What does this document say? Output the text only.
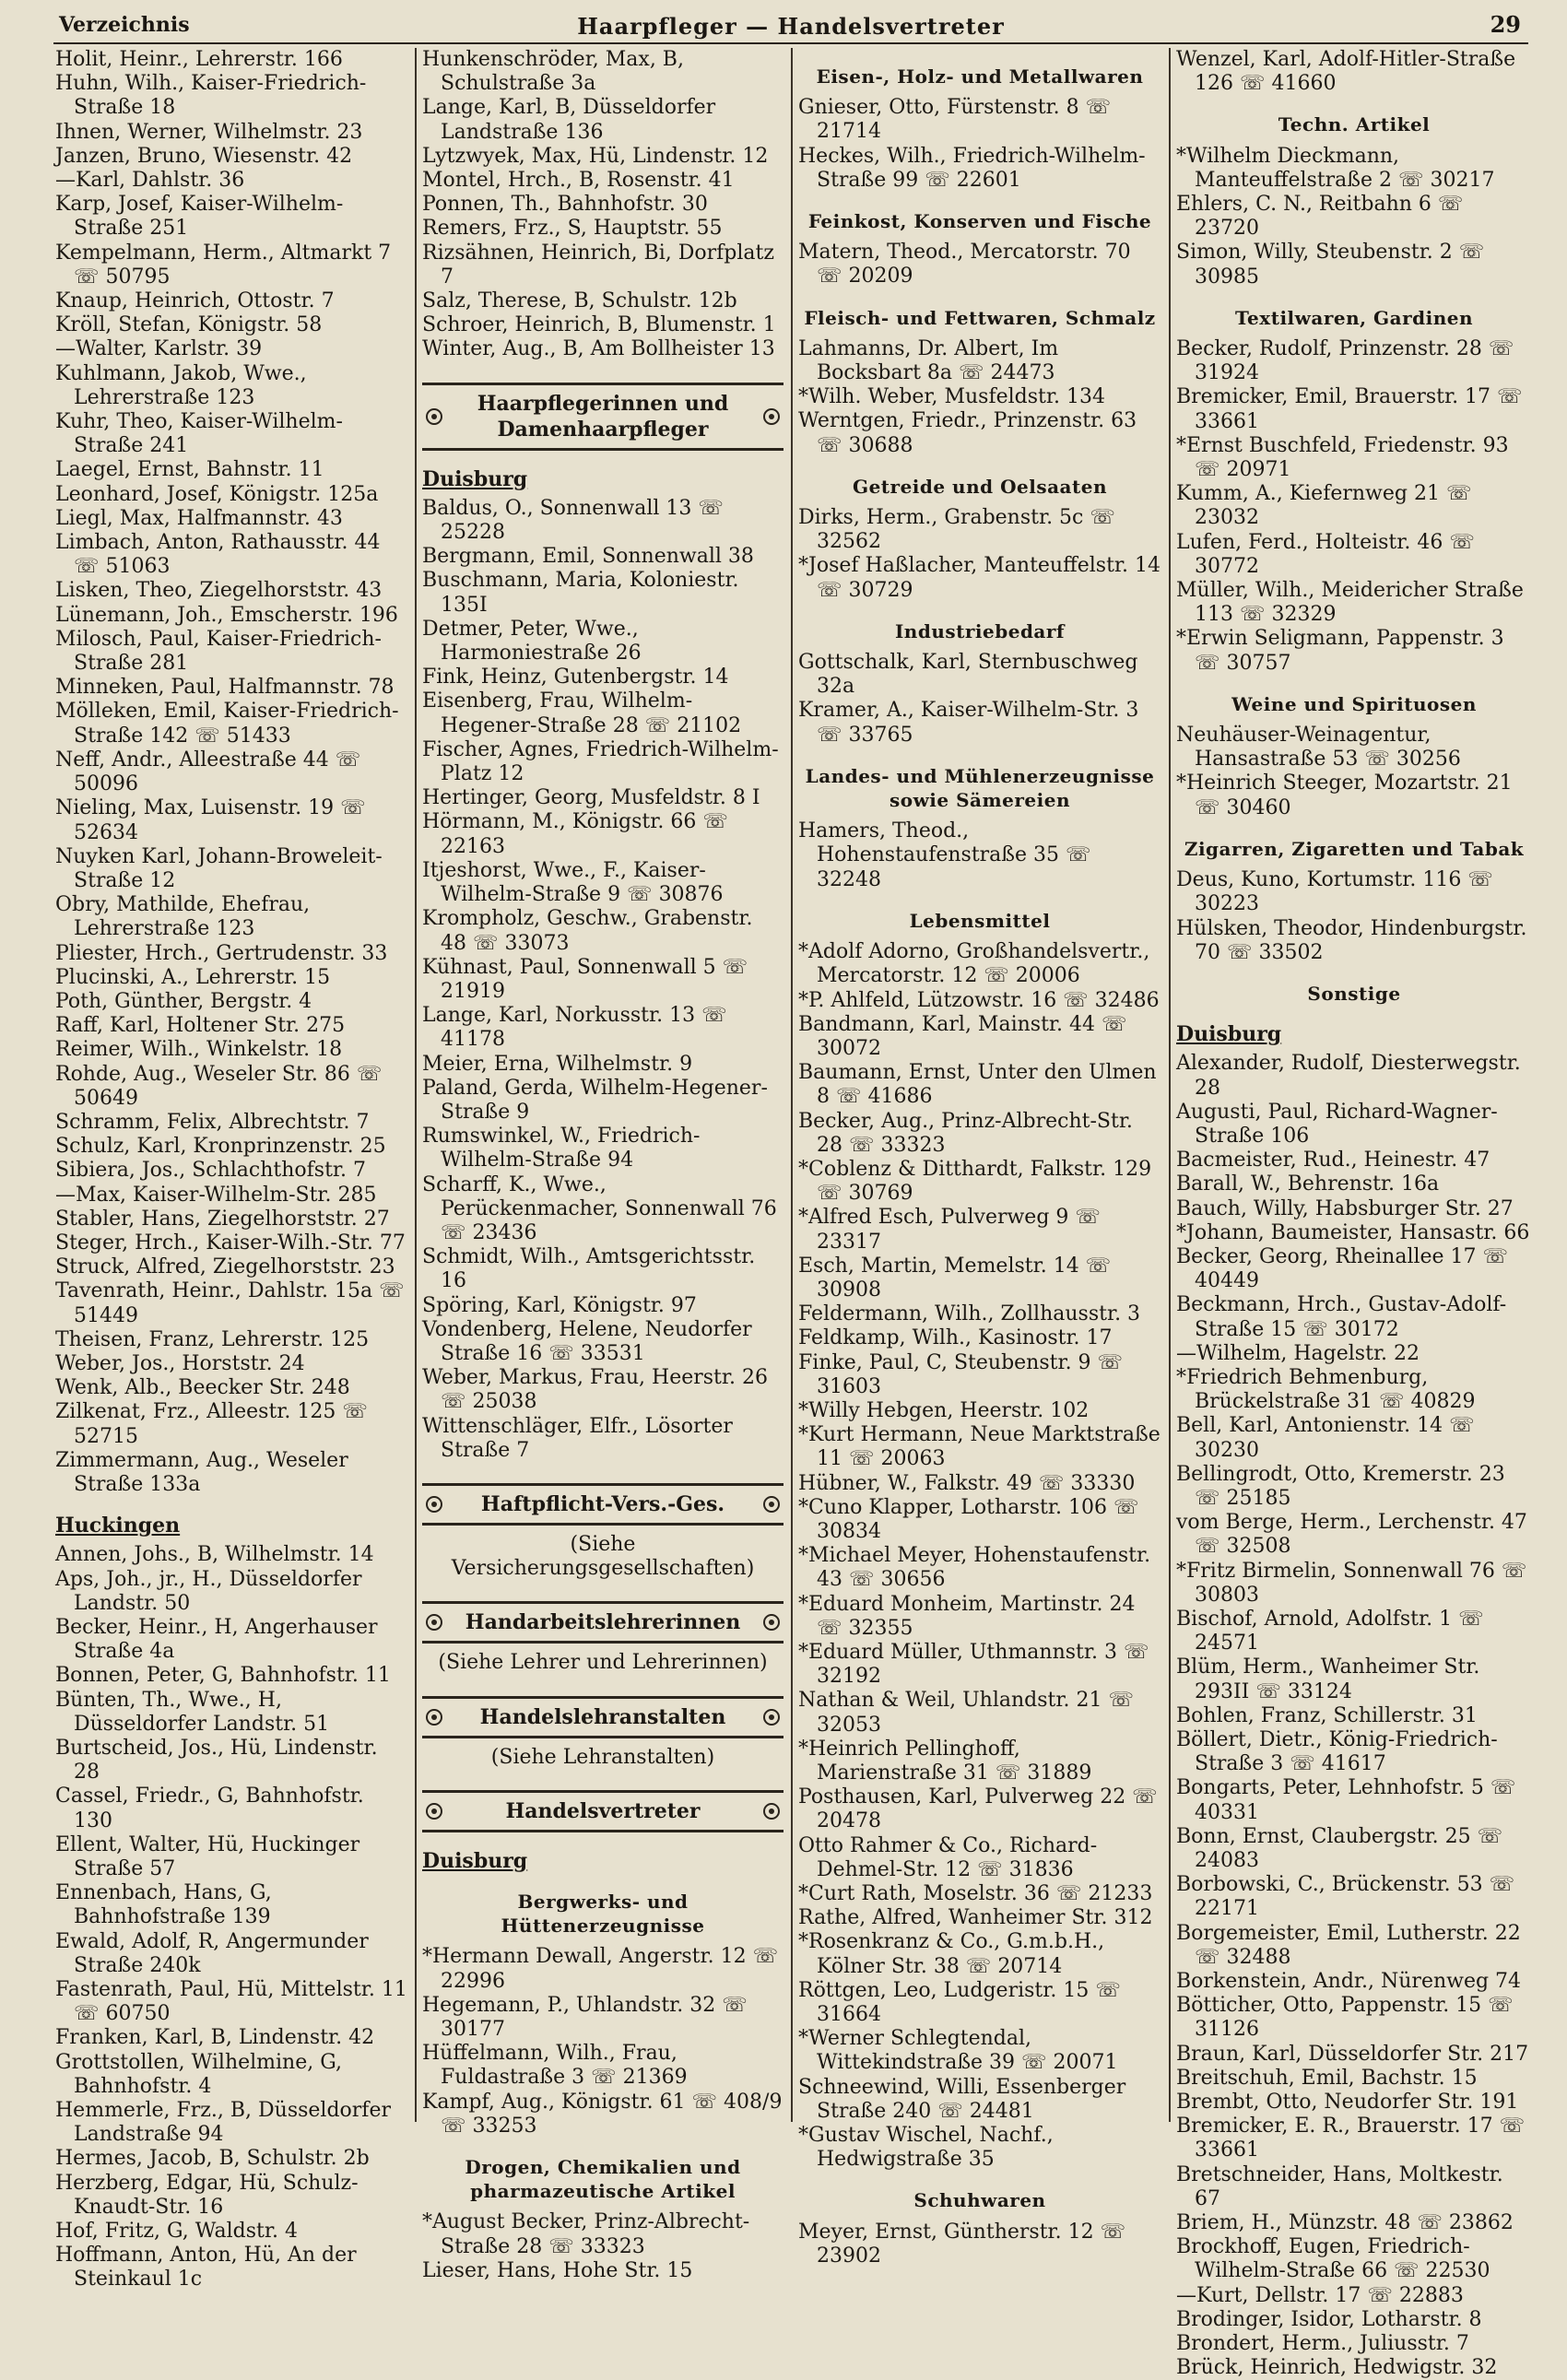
Verzeichnis	Haarpfleger — Handelsvertreter	29
Holit, Heinr., Lehrerstr. 166
Huhn, Wilh., Kaiser-Friedrich-Straße 18
Ihnen, Werner, Wilhelmstr. 23
Janzen, Bruno, Wiesenstr. 42
—Karl, Dahlstr. 36
Karp, Josef, Kaiser-Wilhelm-Straße 251
Kempelmann, Herm., Altmarkt 7 ☏ 50795
Knaup, Heinrich, Ottostr. 7
Kröll, Stefan, Königstr. 58
—Walter, Karlstr. 39
Kuhlmann, Jakob, Wwe., Lehrerstraße 123
Kuhr, Theo, Kaiser-Wilhelm-Straße 241
Laegel, Ernst, Bahnstr. 11
Leonhard, Josef, Königstr. 125a
Liegl, Max, Halfmannstr. 43
Limbach, Anton, Rathausstr. 44 ☏ 51063
Lisken, Theo, Ziegelhorststr. 43
Lünemann, Joh., Emscherstr. 196
Milosch, Paul, Kaiser-Friedrich-Straße 281
Minneken, Paul, Halfmannstr. 78
Mölleken, Emil, Kaiser-Friedrich-Straße 142 ☏ 51433
Neff, Andr., Alleestraße 44 ☏ 50096
Nieling, Max, Luisenstr. 19 ☏ 52634
Nuyken Karl, Johann-Broweleit-Straße 12
Obry, Mathilde, Ehefrau, Lehrerstraße 123
Pliester, Hrch., Gertrudenstr. 33
Plucinski, A., Lehrerstr. 15
Poth, Günther, Bergstr. 4
Raff, Karl, Holtener Str. 275
Reimer, Wilh., Winkelstr. 18
Rohde, Aug., Weseler Str. 86 ☏ 50649
Schramm, Felix, Albrechtstr. 7
Schulz, Karl, Kronprinzenstr. 25
Sibiera, Jos., Schlachthofstr. 7
—Max, Kaiser-Wilhelm-Str. 285
Stabler, Hans, Ziegelhorststr. 27
Steger, Hrch., Kaiser-Wilh.-Str. 77
Struck, Alfred, Ziegelhorststr. 23
Tavenrath, Heinr., Dahlstr. 15a ☏ 51449
Theisen, Franz, Lehrerstr. 125
Weber, Jos., Horststr. 24
Wenk, Alb., Beecker Str. 248
Zilkenat, Frz., Alleestr. 125 ☏ 52715
Zimmermann, Aug., Weseler Straße 133a
Huckingen
Annen, Johs., B, Wilhelmstr. 14
Aps, Joh., jr., H., Düsseldorfer Landstr. 50
Becker, Heinr., H, Angerhauser Straße 4a
Bonnen, Peter, G, Bahnhofstr. 11
Bünten, Th., Wwe., H, Düsseldorfer Landstr. 51
Burtscheid, Jos., Hü, Lindenstr. 28
Cassel, Friedr., G, Bahnhofstr. 130
Ellent, Walter, Hü, Huckinger Straße 57
Ennenbach, Hans, G, Bahnhofstraße 139
Ewald, Adolf, R, Angermunder Straße 240k
Fastenrath, Paul, Hü, Mittelstr. 11 ☏ 60750
Franken, Karl, B, Lindenstr. 42
Grottstollen, Wilhelmine, G, Bahnhofstr. 4
Hemmerle, Frz., B, Düsseldorfer Landstraße 94
Hermes, Jacob, B, Schulstr. 2b
Herzberg, Edgar, Hü, Schulz-Knaudt-Str. 16
Hof, Fritz, G, Waldstr. 4
Hoffmann, Anton, Hü, An der Steinkaul 1c
Hunkenschröder, Max, B, Schulstraße 3a
Lange, Karl, B, Düsseldorfer Landstraße 136
Lytzwyek, Max, Hü, Lindenstr. 12
Montel, Hrch., B, Rosenstr. 41
Ponnen, Th., Bahnhofstr. 30
Remers, Frz., S, Hauptstr. 55
Rizsähnen, Heinrich, Bi, Dorfplatz 7
Salz, Therese, B, Schulstr. 12b
Schroer, Heinrich, B, Blumenstr. 1
Winter, Aug., B, Am Bollheister 13
Haarpflegerinnen und Damenhaarpfleger
Duisburg
Baldus, O., Sonnenwall 13 ☏ 25228
Bergmann, Emil, Sonnenwall 38
Buschmann, Maria, Koloniestr. 135I
Detmer, Peter, Wwe., Harmoniestraße 26
Fink, Heinz, Gutenbergstr. 14
Eisenberg, Frau, Wilhelm-Hegener-Straße 28 ☏ 21102
Fischer, Agnes, Friedrich-Wilhelm-Platz 12
Hertinger, Georg, Musfeldstr. 8 I
Hörmann, M., Königstr. 66 ☏ 22163
Itjeshorst, Wwe., F., Kaiser-Wilhelm-Straße 9 ☏ 30876
Krompholz, Geschw., Grabenstr. 48 ☏ 33073
Kühnast, Paul, Sonnenwall 5 ☏ 21919
Lange, Karl, Norkusstr. 13 ☏ 41178
Meier, Erna, Wilhelmstr. 9
Paland, Gerda, Wilhelm-Hegener-Straße 9
Rumswinkel, W., Friedrich-Wilhelm-Straße 94
Scharff, K., Wwe., Perückenmacher, Sonnenwall 76 ☏ 23436
Schmidt, Wilh., Amtsgerichtsstr. 16
Spöring, Karl, Königstr. 97
Vondenberg, Helene, Neudorfer Straße 16 ☏ 33531
Weber, Markus, Frau, Heerstr. 26 ☏ 25038
Wittenschläger, Elfr., Lösorter Straße 7
Haftpflicht-Vers.-Ges.
(Siehe Versicherungsgesellschaften)
Handarbeitslehrerinnen
(Siehe Lehrer und Lehrerinnen)
Handelslehranstalten
(Siehe Lehranstalten)
Handelsvertreter
Duisburg
Bergwerks- und Hüttenerzeugnisse
*Hermann Dewall, Angerstr. 12 ☏ 22996
Hegemann, P., Uhlandstr. 32 ☏ 30177
Hüffelmann, Wilh., Frau, Fuldastraße 3 ☏ 21369
Kampf, Aug., Königstr. 61 ☏ 408/9 ☏ 33253
Drogen, Chemikalien und pharmazeutische Artikel
*August Becker, Prinz-Albrecht-Straße 28 ☏ 33323
Lieser, Hans, Hohe Str. 15
Eisen-, Holz- und Metallwaren
Gnieser, Otto, Fürstenstr. 8 ☏ 21714
Heckes, Wilh., Friedrich-Wilhelm-Straße 99 ☏ 22601
Feinkost, Konserven und Fische
Matern, Theod., Mercatorstr. 70 ☏ 20209
Fleisch- und Fettwaren, Schmalz
Lahmanns, Dr. Albert, Im Bocksbart 8a ☏ 24473
*Wilh. Weber, Musfeldstr. 134
Werntgen, Friedr., Prinzenstr. 63 ☏ 30688
Getreide und Oelsaaten
Dirks, Herm., Grabenstr. 5c ☏ 32562
*Josef Haßlacher, Manteuffelstr. 14 ☏ 30729
Industriebedarf
Gottschalk, Karl, Sternbuschweg 32a
Kramer, A., Kaiser-Wilhelm-Str. 3 ☏ 33765
Landes- und Mühlenerzeugnisse sowie Sämereien
Hamers, Theod., Hohenstaufenstraße 35 ☏ 32248
Lebensmittel
*Adolf Adorno, Großhandelsvertr., Mercatorstr. 12 ☏ 20006
*P. Ahlfeld, Lützowstr. 16 ☏ 32486
Bandmann, Karl, Mainstr. 44 ☏ 30072
Baumann, Ernst, Unter den Ulmen 8 ☏ 41686
Becker, Aug., Prinz-Albrecht-Str. 28 ☏ 33323
*Coblenz & Ditthardt, Falkstr. 129 ☏ 30769
*Alfred Esch, Pulverweg 9 ☏ 23317
Esch, Martin, Memelstr. 14 ☏ 30908
Feldermann, Wilh., Zollhausstr. 3
Feldkamp, Wilh., Kasinostr. 17
Finke, Paul, C, Steubenstr. 9 ☏ 31603
*Willy Hebgen, Heerstr. 102
*Kurt Hermann, Neue Marktstraße 11 ☏ 20063
Hübner, W., Falkstr. 49 ☏ 33330
*Cuno Klapper, Lotharstr. 106 ☏ 30834
*Michael Meyer, Hohenstaufenstr. 43 ☏ 30656
*Eduard Monheim, Martinstr. 24 ☏ 32355
*Eduard Müller, Uthmannstr. 3 ☏ 32192
Nathan & Weil, Uhlandstr. 21 ☏ 32053
*Heinrich Pellinghoff, Marienstraße 31 ☏ 31889
Posthausen, Karl, Pulverweg 22 ☏ 20478
Otto Rahmer & Co., Richard-Dehmel-Str. 12 ☏ 31836
*Curt Rath, Moselstr. 36 ☏ 21233
Rathe, Alfred, Wanheimer Str. 312
*Rosenkranz & Co., G.m.b.H., Kölner Str. 38 ☏ 20714
Röttgen, Leo, Ludgeristr. 15 ☏ 31664
*Werner Schlegtendal, Wittekindstraße 39 ☏ 20071
Schneewind, Willi, Essenberger Straße 240 ☏ 24481
*Gustav Wischel, Nachf., Hedwigstraße 35
Schuhwaren
Meyer, Ernst, Güntherstr. 12 ☏ 23902
Wenzel, Karl, Adolf-Hitler-Straße 126 ☏ 41660
Techn. Artikel
*Wilhelm Dieckmann, Manteuffelstraße 2 ☏ 30217
Ehlers, C. N., Reitbahn 6 ☏ 23720
Simon, Willy, Steubenstr. 2 ☏ 30985
Textilwaren, Gardinen
Becker, Rudolf, Prinzenstr. 28 ☏ 31924
Bremicker, Emil, Brauerstr. 17 ☏ 33661
*Ernst Buschfeld, Friedenstr. 93 ☏ 20971
Kumm, A., Kiefernweg 21 ☏ 23032
Lufen, Ferd., Holteistr. 46 ☏ 30772
Müller, Wilh., Meidericher Straße 113 ☏ 32329
*Erwin Seligmann, Pappenstr. 3 ☏ 30757
Weine und Spirituosen
Neuhäuser-Weinagentur, Hansastraße 53 ☏ 30256
*Heinrich Steeger, Mozartstr. 21 ☏ 30460
Zigarren, Zigaretten und Tabak
Deus, Kuno, Kortumstr. 116 ☏ 30223
Hülsken, Theodor, Hindenburgstr. 70 ☏ 33502
Sonstige
Duisburg
Alexander, Rudolf, Diesterwegstr. 28
Augusti, Paul, Richard-Wagner-Straße 106
Bacmeister, Rud., Heinestr. 47
Barall, W., Behrenstr. 16a
Bauch, Willy, Habsburger Str. 27
*Johann, Baumeister, Hansastr. 66
Becker, Georg, Rheinallee 17 ☏ 40449
Beckmann, Hrch., Gustav-Adolf-Straße 15 ☏ 30172
—Wilhelm, Hagelstr. 22
*Friedrich Behmenburg, Brückelstraße 31 ☏ 40829
Bell, Karl, Antonienstr. 14 ☏ 30230
Bellingrodt, Otto, Kremerstr. 23 ☏ 25185
vom Berge, Herm., Lerchenstr. 47 ☏ 32508
*Fritz Birmelin, Sonnenwall 76 ☏ 30803
Bischof, Arnold, Adolfstr. 1 ☏ 24571
Blüm, Herm., Wanheimer Str. 293II ☏ 33124
Bohlen, Franz, Schillerstr. 31
Böllert, Dietr., König-Friedrich-Straße 3 ☏ 41617
Bongarts, Peter, Lehnhofstr. 5 ☏ 40331
Bonn, Ernst, Claubergstr. 25 ☏ 24083
Borbowski, C., Brückenstr. 53 ☏ 22171
Borgemeister, Emil, Lutherstr. 22 ☏ 32488
Borkenstein, Andr., Nürenweg 74
Bötticher, Otto, Pappenstr. 15 ☏ 31126
Braun, Karl, Düsseldorfer Str. 217
Breitschuh, Emil, Bachstr. 15
Brembt, Otto, Neudorfer Str. 191
Bremicker, E. R., Brauerstr. 17 ☏ 33661
Bretschneider, Hans, Moltkestr. 67
Briem, H., Münzstr. 48 ☏ 23862
Brockhoff, Eugen, Friedrich-Wilhelm-Straße 66 ☏ 22530
—Kurt, Dellstr. 17 ☏ 22883
Brodinger, Isidor, Lotharstr. 8
Brondert, Herm., Juliusstr. 7
Brück, Heinrich, Hedwigstr. 32
